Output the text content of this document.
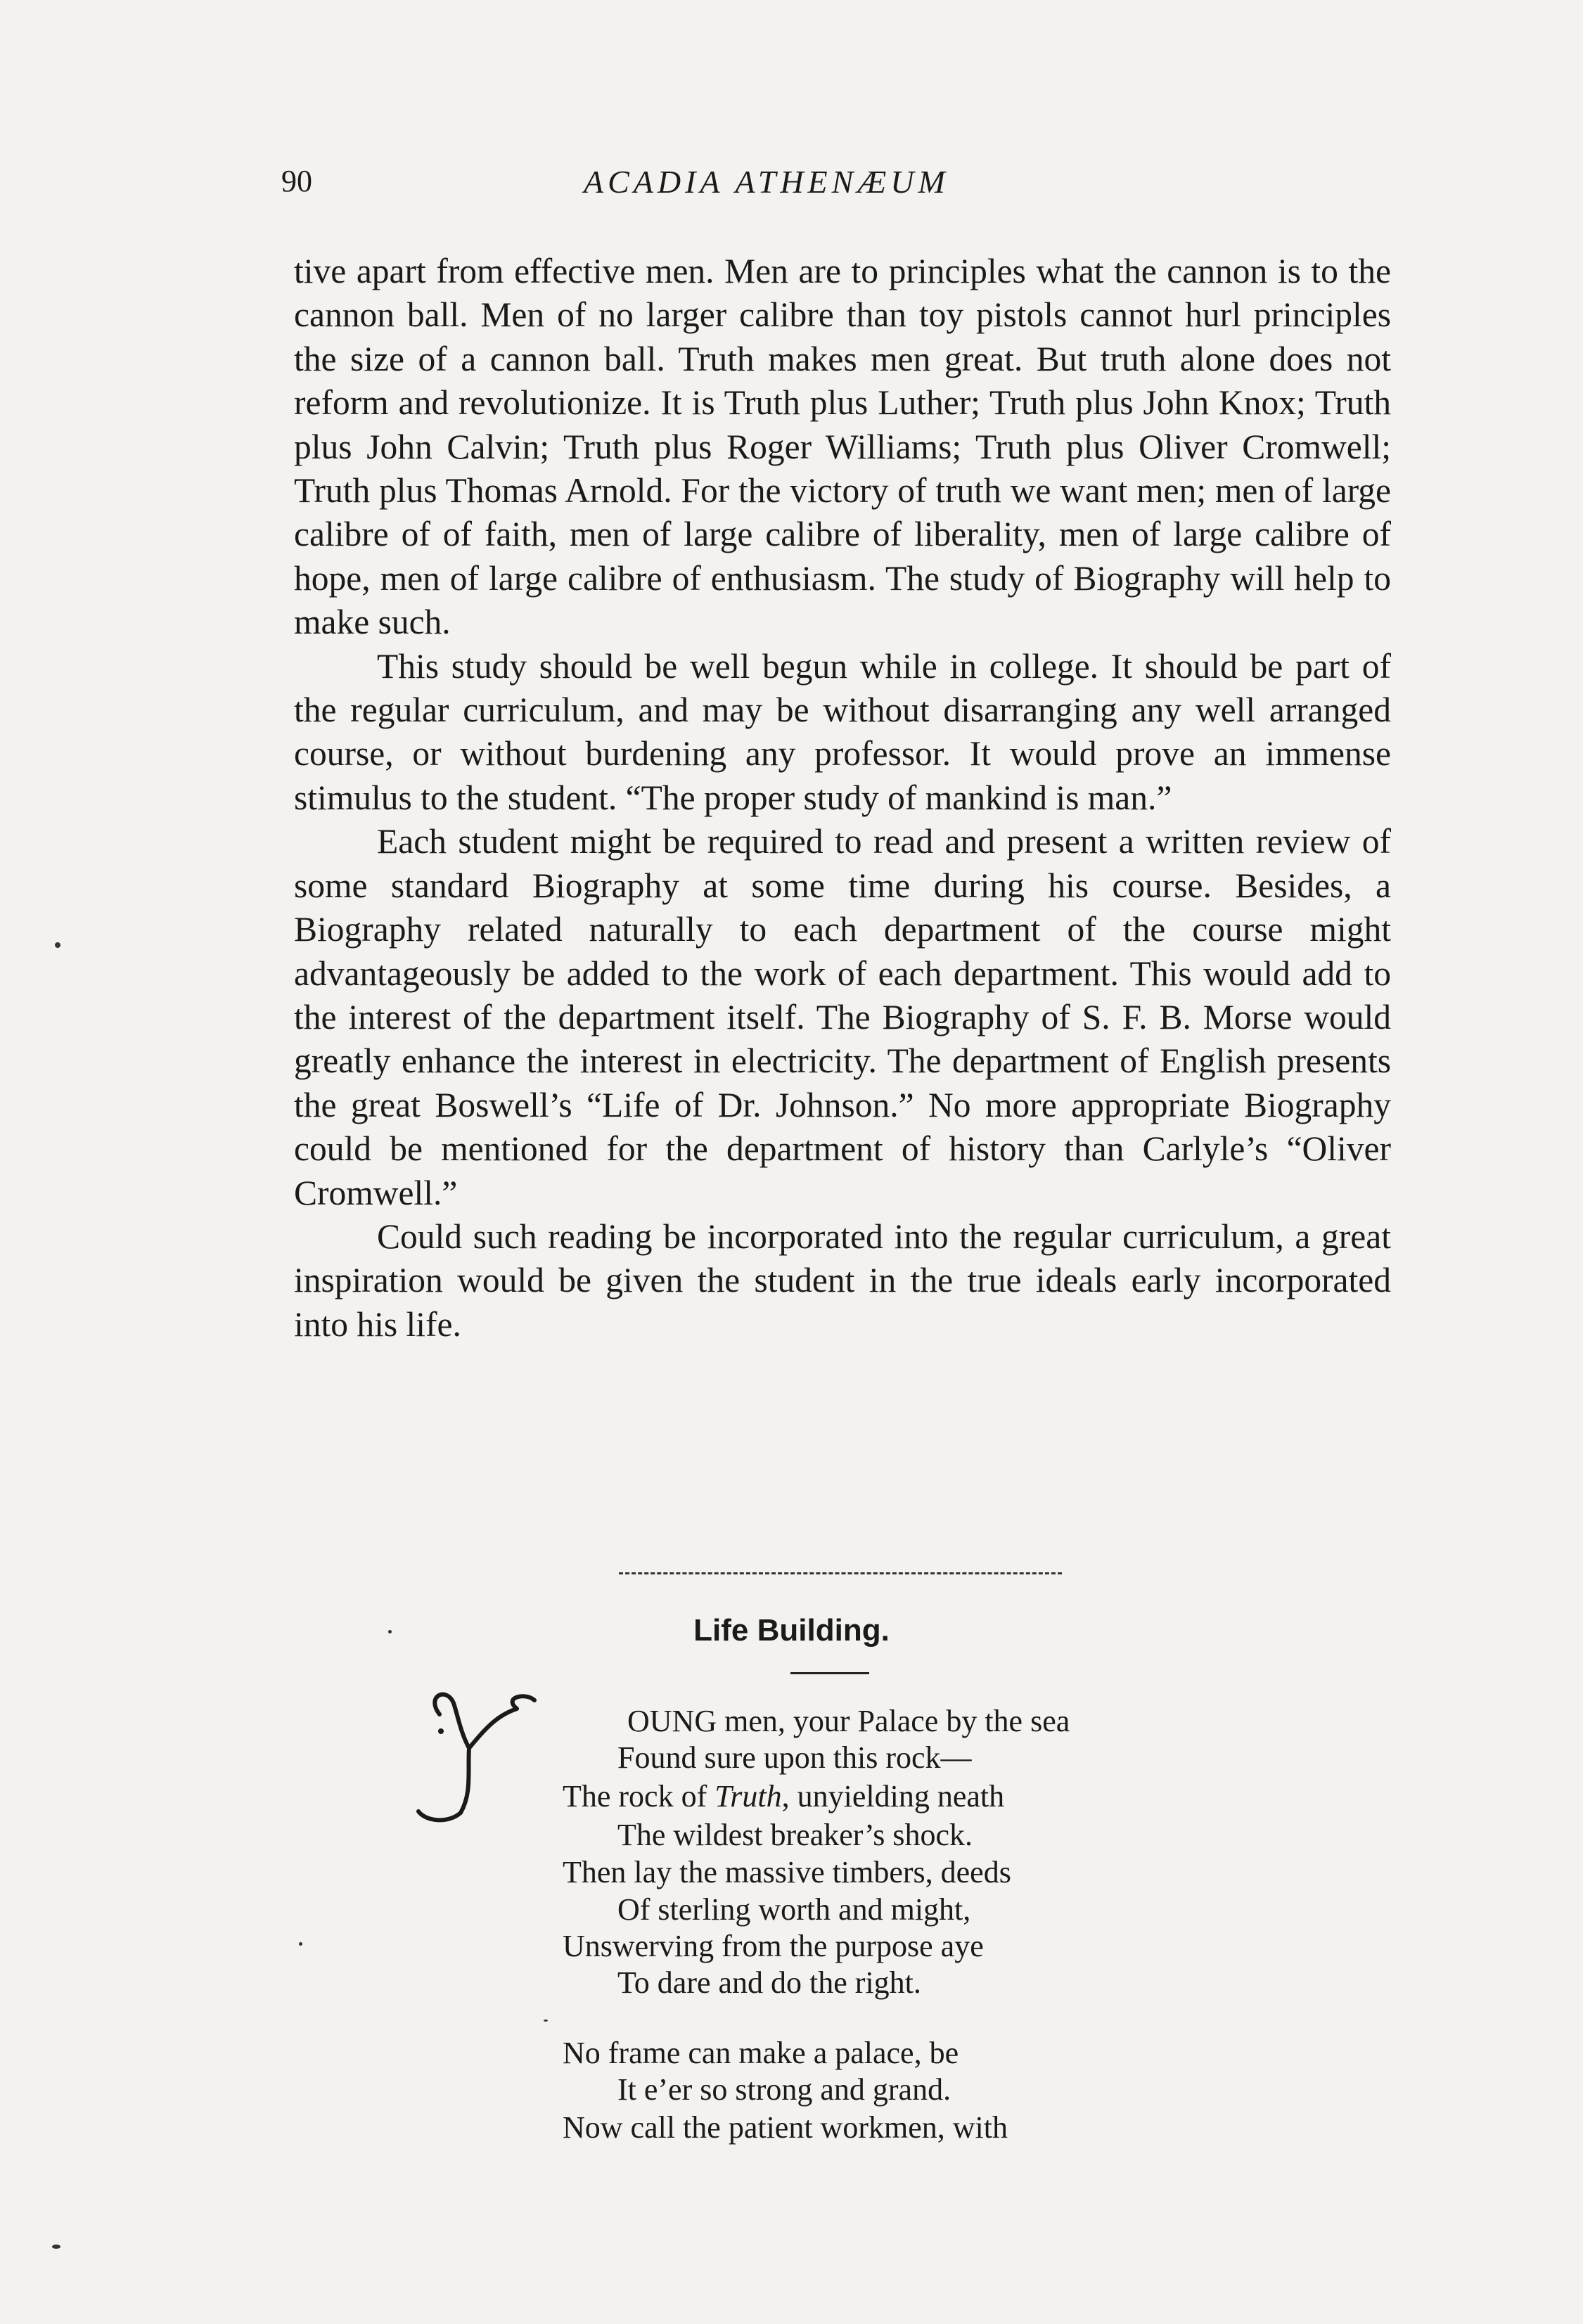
90	ACADIA ATHENÆUM

tive apart from effective men. Men are to principles what the cannon is to the cannon ball. Men of no larger calibre than toy pistols cannot hurl principles the size of a cannon ball. Truth makes men great. But truth alone does not reform and revolutionize. It is Truth plus Luther; Truth plus John Knox; Truth plus John Calvin; Truth plus Roger Williams; Truth plus Oliver Cromwell; Truth plus Thomas Arnold. For the victory of truth we want men; men of large calibre of of faith, men of large calibre of liberality, men of large calibre of hope, men of large calibre of enthusiasm. The study of Biography will help to make such.

This study should be well begun while in college. It should be part of the regular curriculum, and may be without disarranging any well arranged course, or without burdening any professor. It would prove an immense stimulus to the student. “The proper study of mankind is man.”

Each student might be required to read and present a written review of some standard Biography at some time during his course. Besides, a Biography related naturally to each department of the course might advantageously be added to the work of each department. This would add to the interest of the department itself. The Biography of S. F. B. Morse would greatly enhance the interest in electricity. The department of English presents the great Boswell’s “Life of Dr. Johnson.” No more appropriate Biography could be mentioned for the department of history than Carlyle’s “Oliver Cromwell.”

Could such reading be incorporated into the regular curriculum, a great inspiration would be given the student in the true ideals early incorporated into his life.

Life Building.
OUNG men, your Palace by the sea
Found sure upon this rock—
The rock of Truth, unyielding neath
The wildest breaker’s shock.
Then lay the massive timbers, deeds
Of sterling worth and might,
Unswerving from the purpose aye
To dare and do the right.
No frame can make a palace, be
It e’er so strong and grand.
Now call the patient workmen, with
